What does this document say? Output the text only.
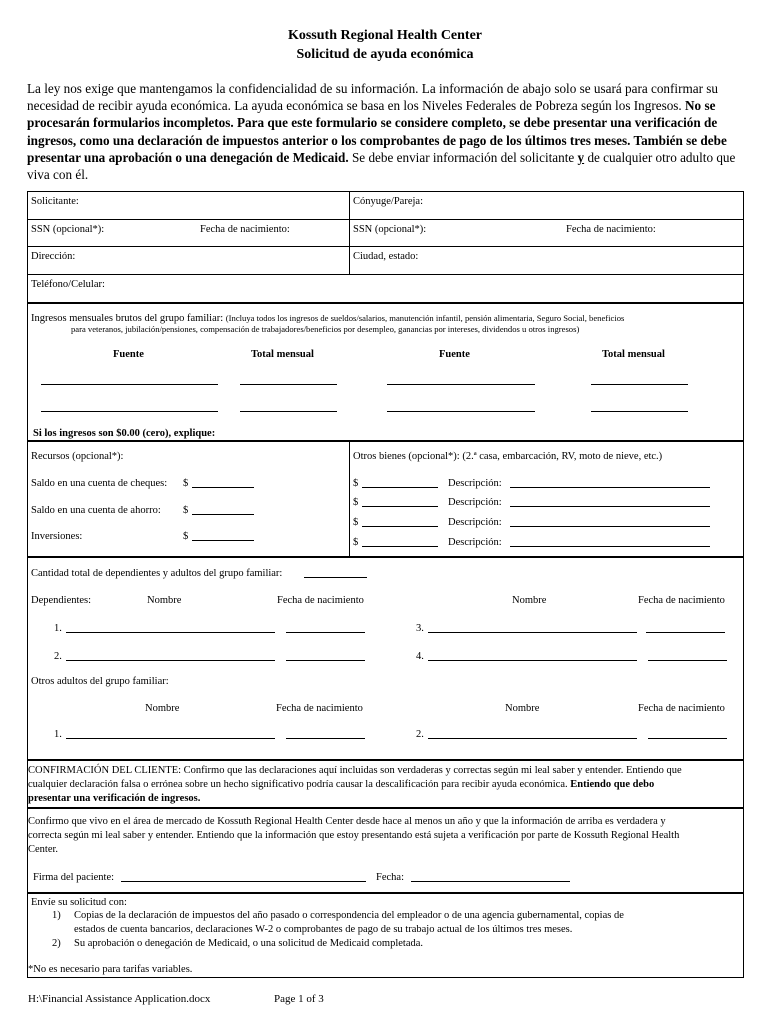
Kossuth Regional Health Center
Solicitud de ayuda económica
La ley nos exige que mantengamos la confidencialidad de su información. La información de abajo solo se usará para confirmar su necesidad de recibir ayuda económica. La ayuda económica se basa en los Niveles Federales de Pobreza según los Ingresos. No se procesarán formularios incompletos. Para que este formulario se considere completo, se debe presentar una verificación de ingresos, como una declaración de impuestos anterior o los comprobantes de pago de los últimos tres meses. También se debe presentar una aprobación o una denegación de Medicaid. Se debe enviar información del solicitante y de cualquier otro adulto que viva con él.
Solicitante:	Cónyuge/Pareja:
SSN (opcional*):	Fecha de nacimiento:	SSN (opcional*):	Fecha de nacimiento:
Dirección:	Ciudad, estado:
Teléfono/Celular:
Ingresos mensuales brutos del grupo familiar: (Incluya todos los ingresos de sueldos/salarios, manutención infantil, pensión alimentaria, Seguro Social, beneficios
para veteranos, jubilación/pensiones, compensación de trabajadores/beneficios por desempleo, ganancias por intereses, dividendos u otros ingresos)
Fuente	Total mensual	Fuente	Total mensual
Si los ingresos son $0.00 (cero), explique:
Recursos (opcional*):
Saldo en una cuenta de cheques: $
Saldo en una cuenta de ahorro: $
Inversiones:	$
Otros bienes (opcional*): (2.ª casa, embarcación, RV, moto de nieve, etc.)
$	Descripción:
$	Descripción:
$	Descripción:
$	Descripción:
Cantidad total de dependientes y adultos del grupo familiar:
Dependientes:	Nombre	Fecha de nacimiento	Nombre	Fecha de nacimiento
1.	3.
2.	4.
Otros adultos del grupo familiar:
Nombre	Fecha de nacimiento	Nombre	Fecha de nacimiento
1.	2.
CONFIRMACIÓN DEL CLIENTE: Confirmo que las declaraciones aquí incluidas son verdaderas y correctas según mi leal saber y entender. Entiendo que
cualquier declaración falsa o errónea sobre un hecho significativo podría causar la descalificación para recibir ayuda económica. Entiendo que debo
presentar una verificación de ingresos.
Confirmo que vivo en el área de mercado de Kossuth Regional Health Center desde hace al menos un año y que la información de arriba es verdadera y
correcta según mi leal saber y entender. Entiendo que la información que estoy presentando está sujeta a verificación por parte de Kossuth Regional Health
Center.
Firma del paciente:	Fecha:
Envíe su solicitud con:
1) Copias de la declaración de impuestos del año pasado o correspondencia del empleador o de una agencia gubernamental, copias de
estados de cuenta bancarios, declaraciones W-2 o comprobantes de pago de su trabajo actual de los últimos tres meses.
2) Su aprobación o denegación de Medicaid, o una solicitud de Medicaid completada.
*No es necesario para tarifas variables.
H:\Financial Assistance Application.docx	Page 1 of 3
